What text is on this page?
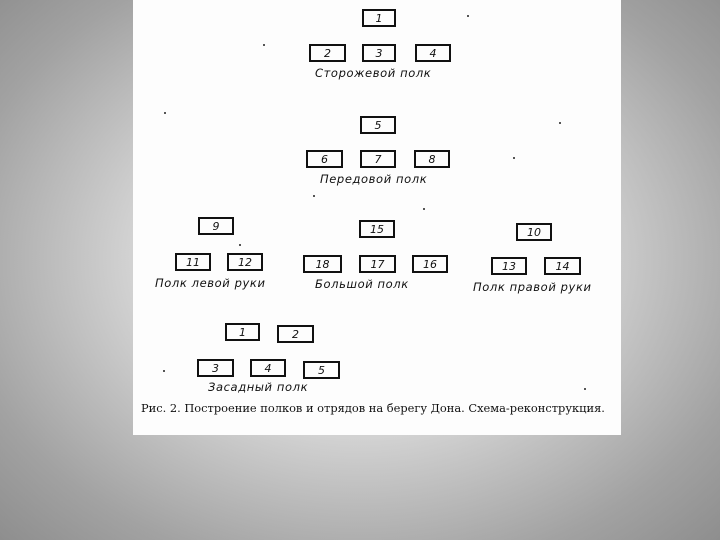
1
2	3	4
Сторожевой полк
5
6	7	8
Передовой полк
9
11	12
Полк левой руки
15
18	17	16
Большой полк
10
13	14
Полк правой руки
1	2
3	4	5
Засадный полк
Рис. 2. Построение полков и отрядов на берегу Дона. Схема-реконструкция.
